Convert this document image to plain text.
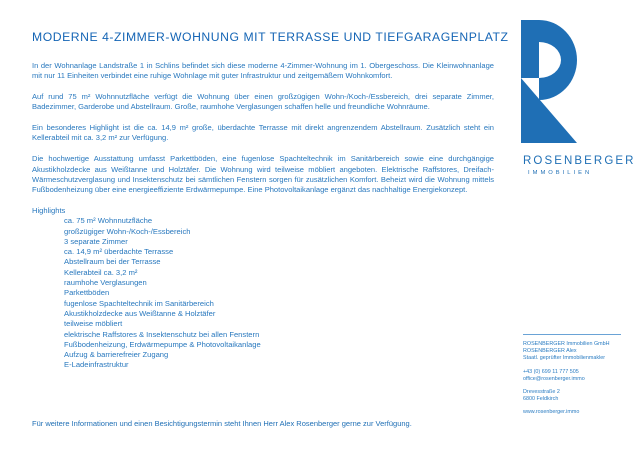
MODERNE 4-ZIMMER-WOHNUNG MIT TERRASSE UND TIEFGARAGENPLATZ

In der Wohnanlage Landstraße 1 in Schlins befindet sich diese moderne 4-Zimmer-Wohnung im 1. Obergeschoss. Die Kleinwohnanlage mit nur 11 Einheiten verbindet eine ruhige Wohnlage mit guter Infrastruktur und zeitgemäßem Wohnkomfort.

Auf rund 75 m² Wohnnutzfläche verfügt die Wohnung über einen großzügigen Wohn-/Koch-/Essbereich, drei separate Zimmer, Badezimmer, Garderobe und Abstellraum. Große, raumhohe Verglasungen schaffen helle und freundliche Wohnräume.

Ein besonderes Highlight ist die ca. 14,9 m² große, überdachte Terrasse mit direkt angrenzendem Abstellraum. Zusätzlich steht ein Kellerabteil mit ca. 3,2 m² zur Verfügung.

Die hochwertige Ausstattung umfasst Parkettböden, eine fugenlose Spachteltechnik im Sanitärbereich sowie eine durchgängige Akustikholzdecke aus Weißtanne und Holztäfer. Die Wohnung wird teilweise möbliert angeboten. Elektrische Raffstores, Dreifach-Wärmeschutzverglasung und Insektenschutz bei sämtlichen Fenstern sorgen für zusätzlichen Komfort. Beheizt wird die Wohnung mittels Fußbodenheizung über eine energieeffiziente Erdwärmepumpe. Eine Photovoltaikanlage ergänzt das nachhaltige Energiekonzept.

Highlights
ca. 75 m² Wohnnutzfläche
großzügiger Wohn-/Koch-/Essbereich
3 separate Zimmer
ca. 14,9 m² überdachte Terrasse
Abstellraum bei der Terrasse
Kellerabteil ca. 3,2 m²
raumhohe Verglasungen
Parkettböden
fugenlose Spachteltechnik im Sanitärbereich
Akustikholzdecke aus Weißtanne & Holztäfer
teilweise möbliert
elektrische Raffstores & Insektenschutz bei allen Fenstern
Fußbodenheizung, Erdwärmepumpe & Photovoltaikanlage
Aufzug & barrierefreier Zugang
E-Ladeinfrastruktur
Für weitere Informationen und einen Besichtigungstermin steht Ihnen Herr Alex Rosenberger gerne zur Verfügung.
ROSENBERGER
IMMOBILIEN
ROSENBERGER Immobilien GmbH
ROSENBERGER Alex
Staatl. geprüfter Immobilienmakler
+43 (0) 699 11 777 505
office@rosenberger.immo
Drevesstraße 2
6800 Feldkirch
www.rosenberger.immo
